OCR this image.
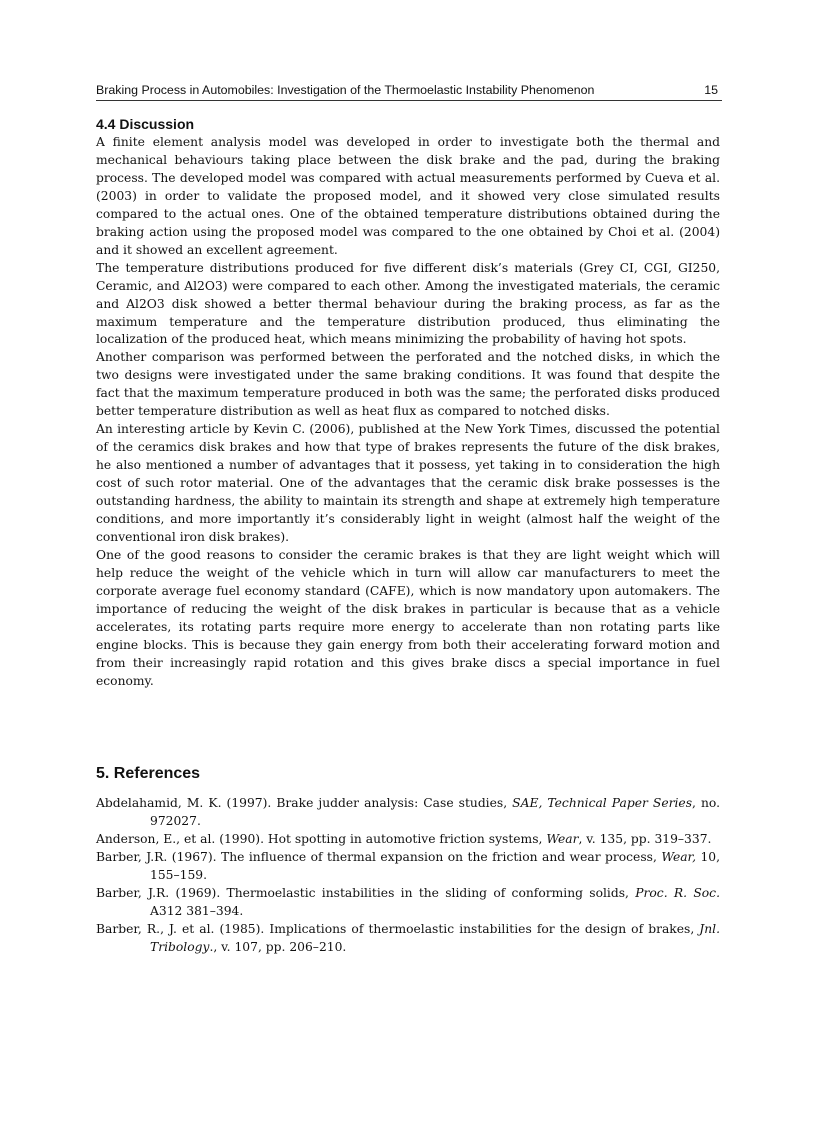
Braking Process in Automobiles: Investigation of the Thermoelastic Instability Phenomenon	15
4.4 Discussion

A finite element analysis model was developed in order to investigate both the thermal and mechanical behaviours taking place between the disk brake and the pad, during the braking process. The developed model was compared with actual measurements performed by Cueva et al. (2003) in order to validate the proposed model, and it showed very close simulated results compared to the actual ones. One of the obtained temperature distributions obtained during the braking action using the proposed model was compared to the one obtained by Choi et al. (2004) and it showed an excellent agreement.

The temperature distributions produced for five different disk’s materials (Grey CI, CGI, GI250, Ceramic, and Al2O3) were compared to each other. Among the investigated materials, the ceramic and Al2O3 disk showed a better thermal behaviour during the braking process, as far as the maximum temperature and the temperature distribution produced, thus eliminating the localization of the produced heat, which means minimizing the probability of having hot spots.

Another comparison was performed between the perforated and the notched disks, in which the two designs were investigated under the same braking conditions. It was found that despite the fact that the maximum temperature produced in both was the same; the perforated disks produced better temperature distribution as well as heat flux as compared to notched disks.

An interesting article by Kevin C. (2006), published at the New York Times, discussed the potential of the ceramics disk brakes and how that type of brakes represents the future of the disk brakes, he also mentioned a number of advantages that it possess, yet taking in to consideration the high cost of such rotor material. One of the advantages that the ceramic disk brake possesses is the outstanding hardness, the ability to maintain its strength and shape at extremely high temperature conditions, and more importantly it’s considerably light in weight (almost half the weight of the conventional iron disk brakes).

One of the good reasons to consider the ceramic brakes is that they are light weight which will help reduce the weight of the vehicle which in turn will allow car manufacturers to meet the corporate average fuel economy standard (CAFE), which is now mandatory upon automakers. The importance of reducing the weight of the disk brakes in particular is because that as a vehicle accelerates, its rotating parts require more energy to accelerate than non rotating parts like engine blocks. This is because they gain energy from both their accelerating forward motion and from their increasingly rapid rotation and this gives brake discs a special importance in fuel economy.

5. References

Abdelahamid, M. K. (1997). Brake judder analysis: Case studies, SAE, Technical Paper Series, no. 972027.

Anderson, E., et al. (1990). Hot spotting in automotive friction systems, Wear, v. 135, pp. 319–337.

Barber, J.R. (1967). The influence of thermal expansion on the friction and wear process, Wear, 10, 155–159.

Barber, J.R. (1969). Thermoelastic instabilities in the sliding of conforming solids, Proc. R. Soc. A312 381–394.

Barber, R., J. et al. (1985). Implications of thermoelastic instabilities for the design of brakes, Jnl. Tribology., v. 107, pp. 206–210.
